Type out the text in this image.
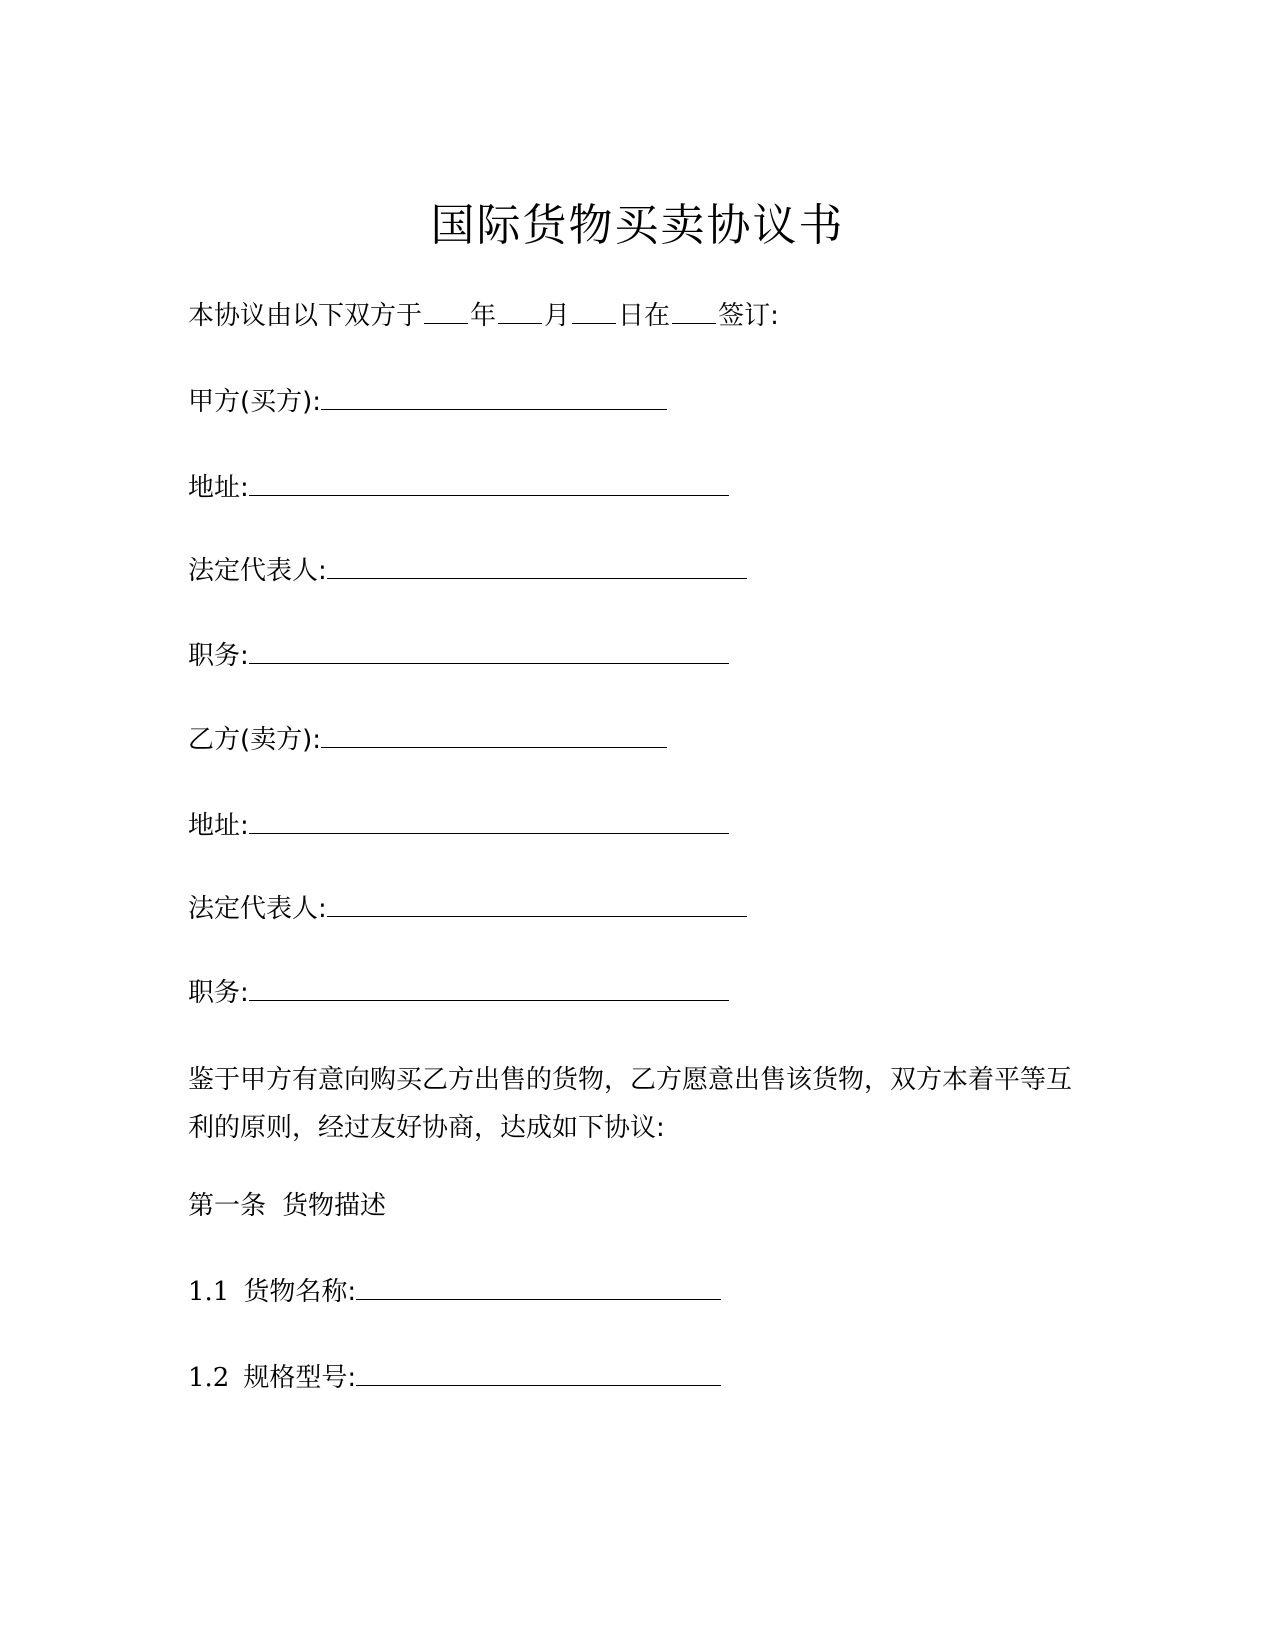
国际货物买卖协议书
本协议由以下双方于 年 月 日在 签订:
甲方(买方):
地址:
法定代表人:
职务:
乙方(卖方):
地址:
法定代表人:
职务:
鉴于甲方有意向购买乙方出售的货物，乙方愿意出售该货物，双方本着平等互利的原则，经过友好协商，达成如下协议:
第一条 货物描述
1.1 货物名称:
1.2 规格型号:
